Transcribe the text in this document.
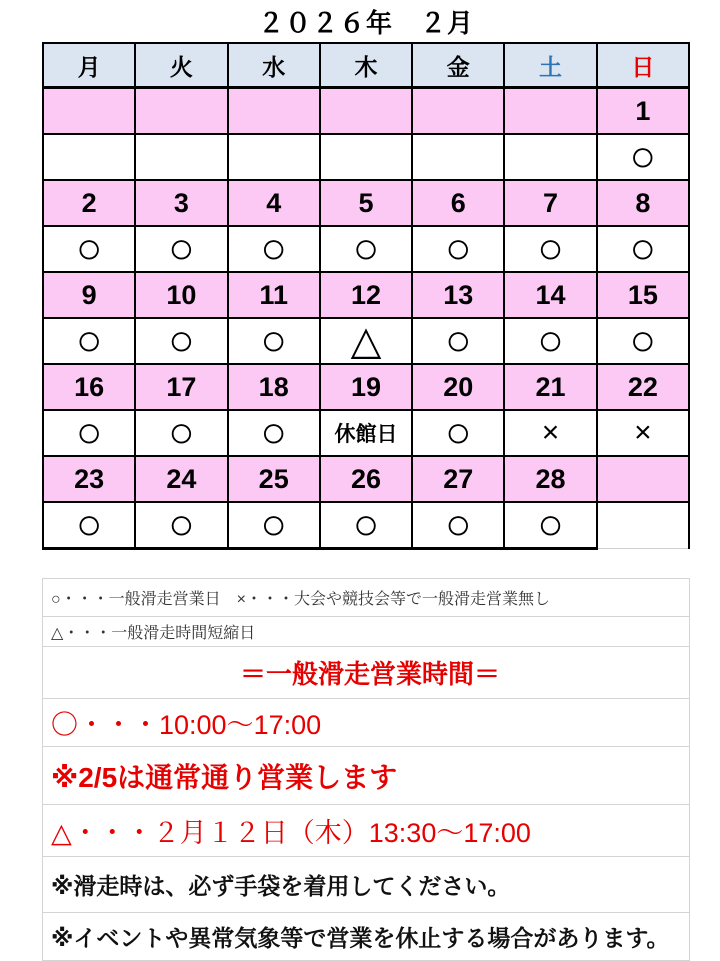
２０２６年　２月
月	火	水	木	金	土	日
						1
						○
2	3	4	5	6	7	8
○	○	○	○	○	○	○
9	10	11	12	13	14	15
○	○	○	△	○	○	○
16	17	18	19	20	21	22
○	○	○	休館日	○	×	×
23	24	25	26	27	28	
○	○	○	○	○	○	
○・・・一般滑走営業日　×・・・大会や競技会等で一般滑走営業無し
△・・・一般滑走時間短縮日
＝一般滑走営業時間＝
〇・・・10:00～17:00
※2/5は通常通り営業します
△・・・２月１２日（木）13:30～17:00
※滑走時は、必ず手袋を着用してください。
※イベントや異常気象等で営業を休止する場合があります。
